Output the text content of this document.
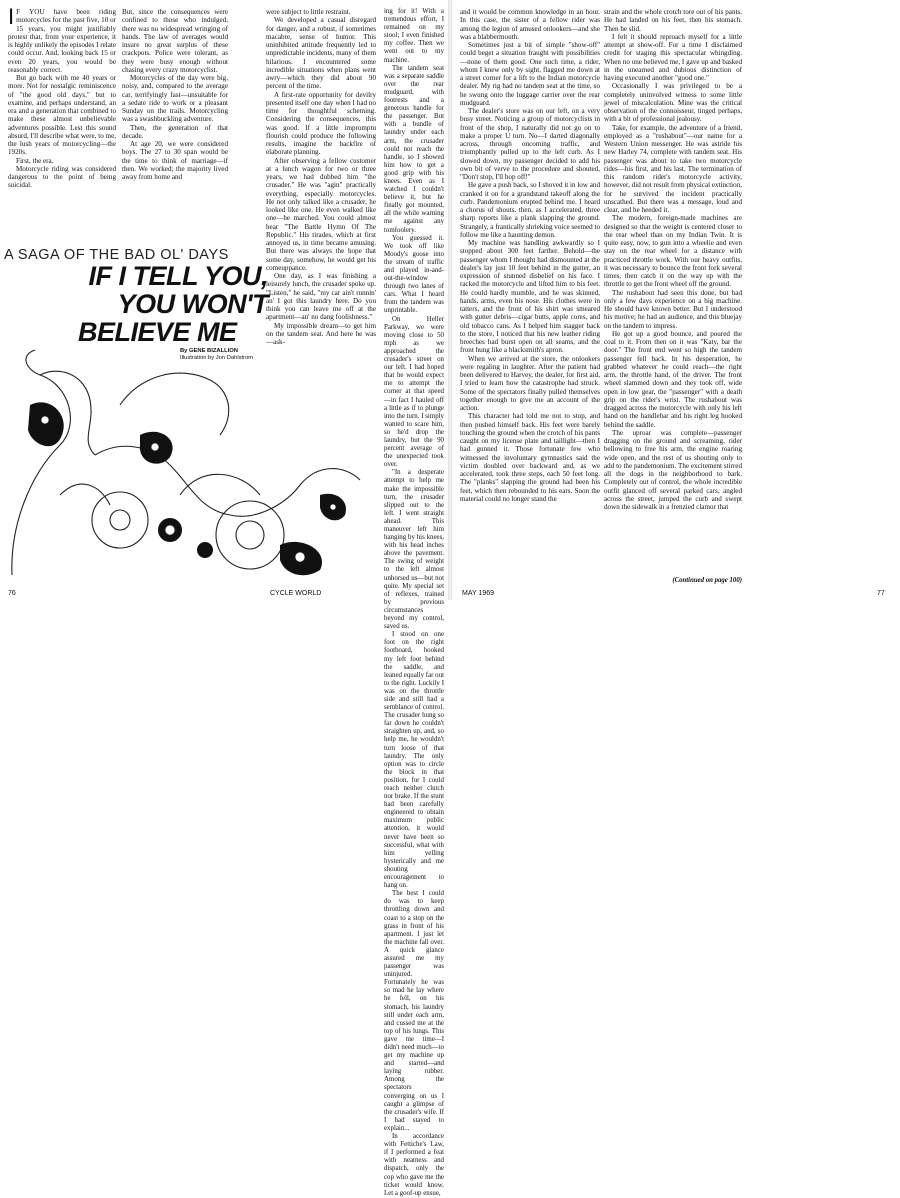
I F YOU have been riding motorcycles for the past five, 10 or 15 years, you might justifiably protest that, from your experience, it is highly unlikely the episodes I relate could occur. And, looking back 15 or even 20 years, you would be reasonably correct.

But go back with me 40 years or more. Not for nostalgic reminiscence of "the good old days," but to examine, and perhaps understand, an era and a generation that combined to make these almost unbelievable adventures possible. Lest this sound absurd, I'll describe what were, to me, the lush years of motorcycling—the 1920s.

First, the era.

Motorcycle riding was considered dangerous to the point of being suicidal.

But, since the consequences were confined to those who indulged, there was no widespread wringing of hands. The law of averages would insure no great surplus of these crackpots. Police were tolerant, as they were busy enough without chasing every crazy motorcyclist.

Motorcycles of the day were big, noisy, and, compared to the average car, terrifyingly fast—unsuitable for a sedate ride to work or a pleasant Sunday on the trails. Motorcycling was a swashbuckling adventure.

Then, the generation of that decade.

At age 20, we were considered boys. The 27 to 30 span would be the time to think of marriage—if then. We worked; the majority lived away from home and

were subject to little restraint.

We developed a casual disregard for danger, and a robust, if sometimes macabre, sense of humor. This uninhibited attitude frequently led to unpredictable incidents, many of them hilarious. I encountered some incredible situations when plans went awry—which they did about 90 percent of the time.

A first-rate opportunity for devilry presented itself one day when I had no time for thoughtful scheming. Considering the consequences, this was good. If a little impromptu flourish could produce the following results, imagine the backfire of elaborate planning.

After observing a fellow customer at a lunch wagon for two or three years, we had dubbed him "the crusader." He was "agin" practically everything, especially motorcycles. He not only talked like a crusader, he looked like one. He even walked like one—he marched. You could almost hear "The Battle Hymn Of The Republic." His tirades, which at first annoyed us, in time became amusing. But there was always the hope that some day, somehow, he would get his comeuppance.

One day, as I was finishing a leisurely lunch, the crusader spoke up. "Listen," he said, "my car ain't runnin' an' I got this laundry here. Do you think you can leave me off at the apartment—an' no dang foolishness."

My impossible dream—to get him on the tandem seat. And here he was—ask-

ing for it! With a tremendous effort, I remained on my stool; I even finished my coffee. Then we went out to my machine.

The tandem seat was a separate saddle over the rear mudguard, with footrests and a generous handle for the passenger. But with a bundle of laundry under each arm, the crusader could not reach the handle, so I showed him how to get a good grip with his knees. Even as I watched I couldn't believe it, but he finally got mounted, all the while warning me against any tomfoolery.

You guessed it. We took off like Moody's goose into the stream of traffic and played in-and-out-the-window through two lanes of cars. What I heard from the tandem was unprintable.

On Heller Parkway, we were moving close to 50 mph as we approached the crusader's street on our left. I had hoped that he would expect me to attempt the corner at that speed—in fact I hauled off a little as if to plunge into the turn. I simply wanted to scare him, so he'd drop the laundry, but the 90 percent average of the unexpected took over.

"In a desperate attempt to help me make the impossible turn, the crusader slipped out to the left. I went straight ahead. This maneuver left him hanging by his knees, with his head inches above the pavement. The swing of weight to the left almost unhorsed us—but not quite. My special set of reflexes, trained by previous circumstances beyond my control, saved us.

I stood on one foot on the right footboard, hooked my left foot behind the saddle, and leaned equally far out to the right. Luckily I was on the throttle side and still had a semblance of control. The crusader hung so far down he couldn't straighten up, and, so help me, he wouldn't turn loose of that laundry. The only option was to circle the block in that position, for I could reach neither clutch nor brake. If the stunt had been carefully engineered to obtain maximum public attention, it would never have been so successful, what with him yelling hysterically and me shouting encouragement to hang on.

The best I could do was to keep throttling down and coast to a stop on the grass in front of his apartment. I just let the machine fall over. A quick glance assured me my passenger was uninjured. Fortunately he was so mad he lay where he fell, on his stomach, his laundry still under each arm, and cussed me at the top of his lungs. This gave me time—I didn't need much—to get my machine up and started—and laying rubber. Among the spectators converging on us I caught a glimpse of the crusader's wife. If I had stayed to explain...

In accordance with Fettiche's Law, if I performed a feat with neatness and dispatch, only the cop who gave me the ticket would know. Let a goof-up ensue,

A SAGA OF THE BAD OL' DAYS
IF I TELL YOU,
YOU WON'T
BELIEVE ME
By GENE BIZALLION
Illustration by Jon Dahlstrom
76	CYCLE WORLD

and it would be common knowledge in an hour. In this case, the sister of a fellow rider was among the legion of amused onlookers—and she was a blabbermouth.

Sometimes just a bit of simple "show-off" could beget a situation fraught with possibilities—none of them good. One such time, a rider, whom I knew only by sight, flagged me down at a street corner for a lift to the Indian motorcycle dealer. My rig had no tandem seat at the time, so he swung onto the luggage carrier over the rear mudguard.

The dealer's store was on our left, on a very busy street. Noticing a group of motorcyclists in front of the shop, I naturally did not go on to make a proper U turn. No—I darted diagonally across, through oncoming traffic, and triumphantly pulled up to the left curb. As I slowed down, my passenger decided to add his own bit of verve to the procedure and shouted, "Don't stop, I'll hop off!"

He gave a push back, so I shoved it in low and cranked it on for a grandstand takeoff along the curb. Pandemonium erupted behind me. I heard a chorus of shouts, then, as I accelerated, three sharp reports like a plank slapping the ground. Strangely, a frantically shrieking voice seemed to follow me like a haunting demon.

My machine was handling awkwardly so I stopped about 300 feet farther. Behold—the passenger whom I thought had dismounted at the dealer's lay just 10 feet behind in the gutter, an expression of stunned disbelief on his face. I racked the motorcycle and lifted him to his feet. He could hardly mumble, and he was skinned, hands, arms, even his nose. His clothes were in tatters, and the front of his shirt was smeared with gutter debris—cigar butts, apple cores, and old tobacco cans. As I helped him stagger back to the store, I noticed that his new leather riding breeches had burst open on all seams, and the front hung like a blacksmith's apron.

When we arrived at the store, the onlookers were regaling in laughter. After the patient had been delivered to Harvey, the dealer, for first aid, I tried to learn how the catastrophe had struck. Some of the spectators finally pulled themselves together enough to give me an account of the action.

This character had told me not to stop, and then pushed himself back. His feet were barely touching the ground when the crotch of his pants caught on my license plate and taillight—then I had gunned it. Those fortunate few who witnessed the involuntary gymnastics said the victim doubled over backward and, as we accelerated, took three steps, each 50 feet long. The "planks" slapping the ground had been his feet, which then rebounded to his ears. Soon the material could no longer stand the

strain and the whole crotch tore out of his pants. He had landed on his feet, then his stomach. Then he slid.

I felt it should reproach myself for a little attempt at show-off. For a time I disclaimed credit for staging this spectacular whingding. When no one believed me, I gave up and basked in the unearned and dubious distinction of having executed another "good one."

Occasionally I was privileged to be a completely uninvolved witness to some little jewel of miscalculation. Mine was the critical observation of the connoisseur, tinged perhaps, with a bit of professional jealousy.

Take, for example, the adventure of a friend, employed as a "rushabout"—our name for a Western Union messenger. He was astride his new Harley 74, complete with tandem seat. His passenger was about to take two motorcycle rides—his first, and his last. The termination of this random rider's motorcycle activity, however, did not result from physical extinction, for he survived the incident practically unscathed. But there was a message, loud and clear, and he heeded it.

The modern, foreign-made machines are designed so that the weight is centered closer to the rear wheel than on my Indian Twin. It is quite easy, now, to gun into a wheelie and even stay on the rear wheel for a distance with practiced throttle work. With our heavy outfits, it was necessary to bounce the front fork several times, then catch it on the way up with the throttle to get the front wheel off the ground.

The rushabout had seen this done, but had only a few days experience on a big machine. He should have known better. But I understood his motive; he had an audience, and this bluejay on the tandem to impress.

He got up a good bounce, and poured the coal to it. From then on it was "Katy, bar the door." The front end went so high the tandem passenger fell back. In his desperation, he grabbed whatever he could reach—the right arm, the throttle hand, of the driver. The front wheel slammed down and they took off, wide open in low gear, the "passenger" with a death grip on the rider's wrist. The rushabout was dragged across the motorcycle with only his left hand on the handlebar and his right leg hooked behind the saddle.

The uproar was complete—passenger dragging on the ground and screaming, rider bellowing to free his arm, the engine roaring wide open, and the rest of us shouting only to add to the pandemonium. The excitement stirred all the dogs in the neighborhood to bark. Completely out of control, the whole incredible outfit glanced off several parked cars, angled across the street, jumped the curb and swept down the sidewalk in a frenzied clamor that

(Continued on page 100)
MAY 1969	77
